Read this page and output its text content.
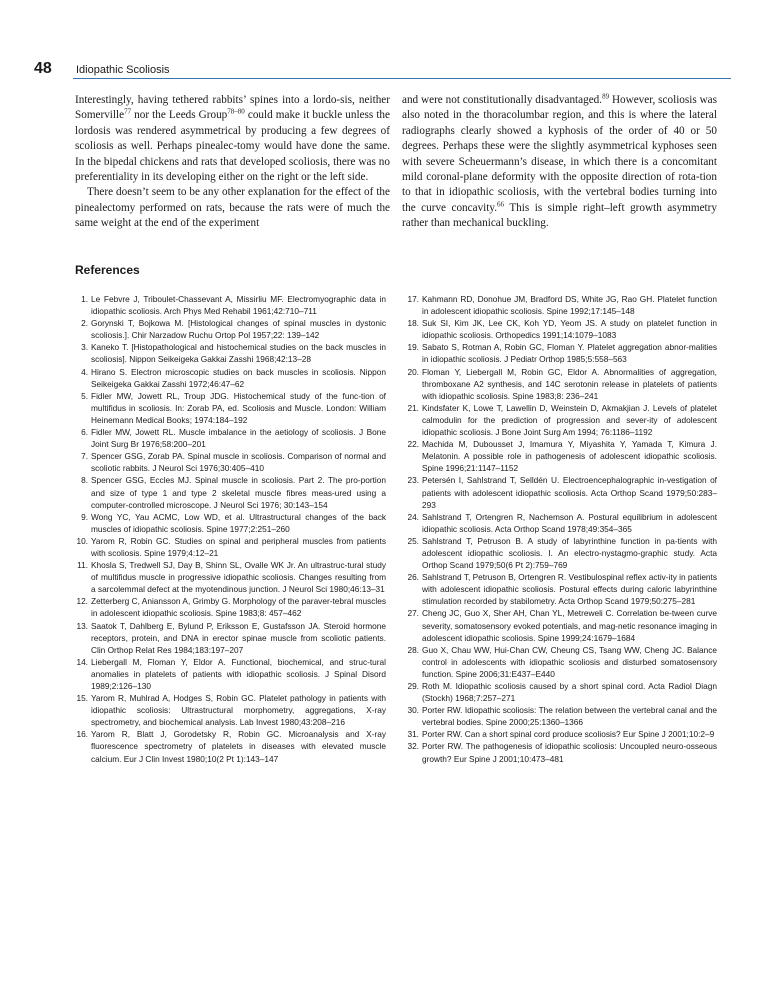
48	Idiopathic Scoliosis

Interestingly, having tethered rabbits’ spines into a lordo-sis, neither Somerville$^{77}$ nor the Leeds Group$^{78-80}$ could make it buckle unless the lordosis was rendered asymmetrical by producing a few degrees of scoliosis as well. Perhaps pinealec-tomy would have done the same. In the bipedal chickens and rats that developed scoliosis, there was no preferentiality in its developing either on the right or the left side.

There doesn’t seem to be any other explanation for the effect of the pinealectomy performed on rats, because the rats were of much the same weight at the end of the experiment

and were not constitutionally disadvantaged.$^{89}$ However, scoliosis was also noted in the thoracolumbar region, and this is where the lateral radiographs clearly showed a kyphosis of the order of 40 or 50 degrees. Perhaps these were the slightly asymmetrical kyphoses seen with severe Scheuermann’s disease, in which there is a concomitant mild coronal-plane deformity with the opposite direction of rota-tion to that in idiopathic scoliosis, with the vertebral bodies turning into the curve concavity.$^{66}$ This is simple right–left growth asymmetry rather than mechanical buckling.

References
1. Le Febvre J, Triboulet-Chassevant A, Missirliu MF. Electromyographic data in idiopathic scoliosis. Arch Phys Med Rehabil 1961;42:710–711
2. Gorynski T, Bojkowa M. [Histological changes of spinal muscles in dystonic scoliosis.]. Chir Narzadow Ruchu Ortop Pol 1957;22: 139–142
3. Kaneko T. [Histopathological and histochemical studies on the back muscles in scoliosis]. Nippon Seikeigeka Gakkai Zasshi 1968;42:13–28
4. Hirano S. Electron microscopic studies on back muscles in scoliosis. Nippon Seikeigeka Gakkai Zasshi 1972;46:47–62
5. Fidler MW, Jowett RL, Troup JDG. Histochemical study of the func-tion of multifidus in scoliosis. In: Zorab PA, ed. Scoliosis and Muscle. London: William Heinemann Medical Books; 1974:184–192
6. Fidler MW, Jowett RL. Muscle imbalance in the aetiology of scoliosis. J Bone Joint Surg Br 1976;58:200–201
7. Spencer GSG, Zorab PA. Spinal muscle in scoliosis. Comparison of normal and scoliotic rabbits. J Neurol Sci 1976;30:405–410
8. Spencer GSG, Eccles MJ. Spinal muscle in scoliosis. Part 2. The pro-portion and size of type 1 and type 2 skeletal muscle fibres meas-ured using a computer-controlled microscope. J Neurol Sci 1976; 30:143–154
9. Wong YC, Yau ACMC, Low WD, et al. Ultrastructural changes of the back muscles of idiopathic scoliosis. Spine 1977;2:251–260
10. Yarom R, Robin GC. Studies on spinal and peripheral muscles from patients with scoliosis. Spine 1979;4:12–21
11. Khosla S, Tredwell SJ, Day B, Shinn SL, Ovalle WK Jr. An ultrastruc-tural study of multifidus muscle in progressive idiopathic scoliosis. Changes resulting from a sarcolemmal defect at the myotendinous junction. J Neurol Sci 1980;46:13–31
12. Zetterberg C, Aniansson A, Grimby G. Morphology of the paraver-tebral muscles in adolescent idiopathic scoliosis. Spine 1983;8: 457–462
13. Saatok T, Dahlberg E, Bylund P, Eriksson E, Gustafsson JA. Steroid hormone receptors, protein, and DNA in erector spinae muscle from scoliotic patients. Clin Orthop Relat Res 1984;183:197–207
14. Liebergall M, Floman Y, Eldor A. Functional, biochemical, and struc-tural anomalies in platelets of patients with idiopathic scoliosis. J Spinal Disord 1989;2:126–130
15. Yarom R, Muhlrad A, Hodges S, Robin GC. Platelet pathology in patients with idiopathic scoliosis: Ultrastructural morphometry, aggregations, X-ray spectrometry, and biochemical analysis. Lab Invest 1980;43:208–216
16. Yarom R, Blatt J, Gorodetsky R, Robin GC. Microanalysis and X-ray fluorescence spectrometry of platelets in diseases with elevated muscle calcium. Eur J Clin Invest 1980;10(2 Pt 1):143–147
17. Kahmann RD, Donohue JM, Bradford DS, White JG, Rao GH. Platelet function in adolescent idiopathic scoliosis. Spine 1992;17:145–148
18. Suk SI, Kim JK, Lee CK, Koh YD, Yeom JS. A study on platelet function in idiopathic scoliosis. Orthopedics 1991;14:1079–1083
19. Sabato S, Rotman A, Robin GC, Floman Y. Platelet aggregation abnor-malities in idiopathic scoliosis. J Pediatr Orthop 1985;5:558–563
20. Floman Y, Liebergall M, Robin GC, Eldor A. Abnormalities of aggregation, thromboxane A2 synthesis, and 14C serotonin release in platelets of patients with idiopathic scoliosis. Spine 1983;8: 236–241
21. Kindsfater K, Lowe T, Lawellin D, Weinstein D, Akmakjian J. Levels of platelet calmodulin for the prediction of progression and sever-ity of adolescent idiopathic scoliosis. J Bone Joint Surg Am 1994; 76:1186–1192
22. Machida M, Dubousset J, Imamura Y, Miyashita Y, Yamada T, Kimura J. Melatonin. A possible role in pathogenesis of adolescent idiopathic scoliosis. Spine 1996;21:1147–1152
23. Petersén I, Sahlstrand T, Selldén U. Electroencephalographic in-vestigation of patients with adolescent idiopathic scoliosis. Acta Orthop Scand 1979;50:283–293
24. Sahlstrand T, Ortengren R, Nachemson A. Postural equilibrium in adolescent idiopathic scoliosis. Acta Orthop Scand 1978;49:354–365
25. Sahlstrand T, Petruson B. A study of labyrinthine function in pa-tients with adolescent idiopathic scoliosis. I. An electro-nystagmo-graphic study. Acta Orthop Scand 1979;50(6 Pt 2):759–769
26. Sahlstrand T, Petruson B, Ortengren R. Vestibulospinal reflex activ-ity in patients with adolescent idiopathic scoliosis. Postural effects during caloric labyrinthine stimulation recorded by stabilometry. Acta Orthop Scand 1979;50:275–281
27. Cheng JC, Guo X, Sher AH, Chan YL, Metreweli C. Correlation be-tween curve severity, somatosensory evoked potentials, and mag-netic resonance imaging in adolescent idiopathic scoliosis. Spine 1999;24:1679–1684
28. Guo X, Chau WW, Hui-Chan CW, Cheung CS, Tsang WW, Cheng JC. Balance control in adolescents with idiopathic scoliosis and disturbed somatosensory function. Spine 2006;31:E437–E440
29. Roth M. Idiopathic scoliosis caused by a short spinal cord. Acta Radiol Diagn (Stockh) 1968;7:257–271
30. Porter RW. Idiopathic scoliosis: The relation between the vertebral canal and the vertebral bodies. Spine 2000;25:1360–1366
31. Porter RW. Can a short spinal cord produce scoliosis? Eur Spine J 2001;10:2–9
32. Porter RW. The pathogenesis of idiopathic scoliosis: Uncoupled neuro-osseous growth? Eur Spine J 2001;10:473–481
